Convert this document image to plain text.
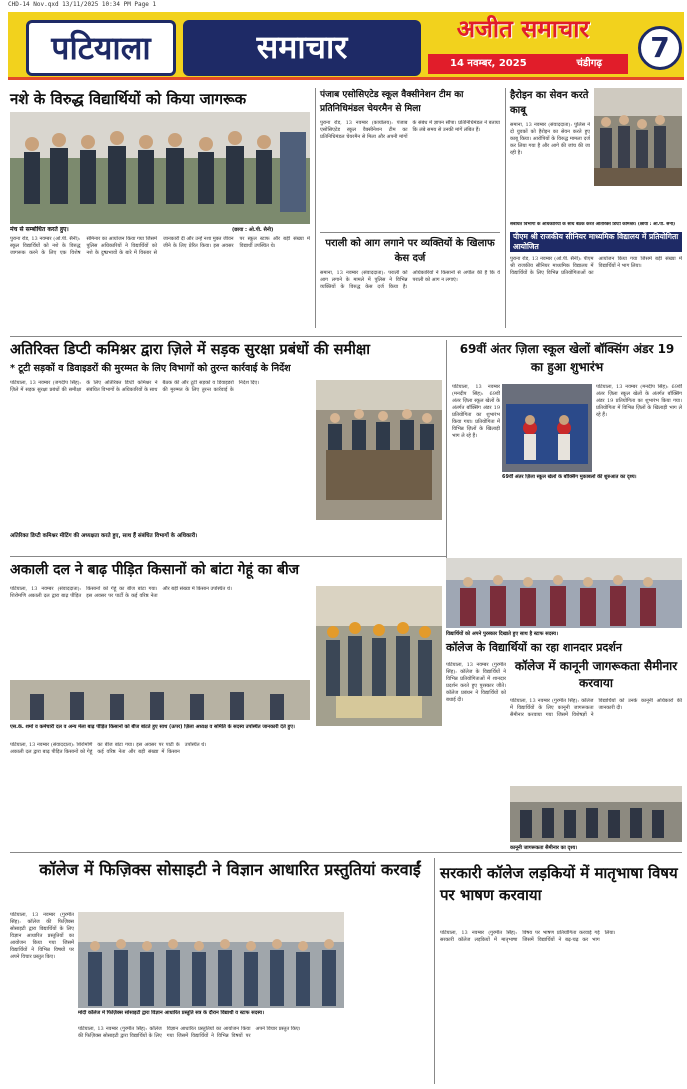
CHD-14 Nov.qxd 13/11/2025 10:34 PM Page 1
पटियाला	समाचार	अजीत समाचार
14 नवम्बर, 2025	चंडीगढ़	7
नशे के विरुद्ध विद्यार्थियों को किया जागरूक
मंच से सम्बोधित करते हुए।	(छाया : ओ.पी. सैनी)
पुराना रोड, 13 नवम्बर (ओ.पी. सैनी): स्कूल विद्यार्थियों को नशे के विरुद्ध जागरूक करने के लिए एक विशेष सेमिनार का आयोजन किया गया जिसमें पुलिस अधिकारियों ने विद्यार्थियों को नशे के दुष्प्रभावों के बारे में विस्तार से जानकारी दी और उन्हें नशा मुक्त जीवन जीने के लिए प्रेरित किया। इस अवसर पर स्कूल स्टाफ और बड़ी संख्या में विद्यार्थी उपस्थित थे।
पंजाब एसोसिएटेड स्कूल वैक्सीनेशन टीम का प्रतिनिधिमंडल चेयरमैन से मिला
पुराना रोड, 13 नवम्बर (कार्यालय): पंजाब एसोसिएटेड स्कूल वैक्सीनेशन टीम का प्रतिनिधिमंडल चेयरमैन से मिला और अपनी मांगों के संबंध में ज्ञापन सौंपा। प्रतिनिधिमंडल ने बताया कि लंबे समय से उनकी मांगें लंबित हैं।
पराली को आग लगाने पर व्यक्तियों के खिलाफ केस दर्ज
समाना, 13 नवम्बर (संवाददाता): पराली को आग लगाने के मामले में पुलिस ने विभिन्न व्यक्तियों के विरुद्ध केस दर्ज किया है। अधिकारियों ने किसानों से अपील की है कि वे पराली को आग न लगाएं।
हैरोइन का सेवन करते काबू
समाना, 13 नवम्बर (संवाददाता): पुलिस ने दो युवकों को हैरोइन का सेवन करते हुए काबू किया। आरोपियों के विरुद्ध मामला दर्ज कर लिया गया है और आगे की जांच की जा रही है।
संबंधित विभागों के अधिकारियों के साथ बैठक करते अतिरिक्त डिप्टी कमिश्नर। (छाया : ओ.पी. सैनी)
पीएम श्री राजकीय सीनियर माध्यमिक विद्यालय में प्रतियोगिता आयोजित
पुराना रोड, 13 नवम्बर (ओ.पी. सैनी): पीएम श्री राजकीय सीनियर माध्यमिक विद्यालय में विद्यार्थियों के लिए विभिन्न प्रतियोगिताओं का आयोजन किया गया जिसमें बड़ी संख्या में विद्यार्थियों ने भाग लिया।
अतिरिक्त डिप्टी कमिश्नर द्वारा ज़िले में सड़क सुरक्षा प्रबंधों की समीक्षा
* टूटी सड़कों व डिवाइडरों की मुरम्मत के लिए विभागों को तुरन्त कार्रवाई के निर्देश
पटियाला, 13 नवम्बर (जगदीप सिंह): ज़िले में सड़क सुरक्षा प्रबंधों की समीक्षा के लिए अतिरिक्त डिप्टी कमिश्नर ने संबंधित विभागों के अधिकारियों के साथ बैठक की और टूटी सड़कों व डिवाइडरों की मुरम्मत के लिए तुरन्त कार्रवाई के निर्देश दिए।
अतिरिक्त डिप्टी कमिश्नर मीटिंग की अध्यक्षता करते हुए, साथ हैं संबंधित विभागों के अधिकारी।
69वीं अंतर ज़िला स्कूल खेलों बॉक्सिंग अंडर 19 का हुआ शुभारंभ
पटियाला, 13 नवम्बर (मनदीप सिंह): 69वीं अंतर ज़िला स्कूल खेलों के अंतर्गत बॉक्सिंग अंडर 19 प्रतियोगिता का शुभारंभ किया गया। प्रतियोगिता में विभिन्न ज़िलों के खिलाड़ी भाग ले रहे हैं।
69वीं अंतर ज़िला स्कूल खेलों के बॉक्सिंग मुकाबलों की शुरुआत का दृश्य।
पटियाला, 13 नवम्बर (मनदीप सिंह): 69वीं अंतर ज़िला स्कूल खेलों के अंतर्गत बॉक्सिंग अंडर 19 प्रतियोगिता का शुभारंभ किया गया। प्रतियोगिता में विभिन्न ज़िलों के खिलाड़ी भाग ले रहे हैं।
अकाली दल ने बाढ़ पीड़ित किसानों को बांटा गेहूं का बीज
पटियाला, 13 नवम्बर (संवाददाता): शिरोमणि अकाली दल द्वारा बाढ़ पीड़ित किसानों को गेहूं का बीज बांटा गया। इस अवसर पर पार्टी के कई वरिष्ठ नेता और बड़ी संख्या में किसान उपस्थित थे।
एस.के. शर्मा व कर्मचारी दल व अन्य मेला बाढ़ पीड़ित किसानों को बीज बांटते हुए साथ (ऊपर) ज़िला अध्यक्ष व समिति के सदस्य उपस्थित जानकारी देते हुए।
पटियाला, 13 नवम्बर (संवाददाता): शिरोमणि अकाली दल द्वारा बाढ़ पीड़ित किसानों को गेहूं का बीज बांटा गया। इस अवसर पर पार्टी के कई वरिष्ठ नेता और बड़ी संख्या में किसान उपस्थित थे।
विद्यार्थियों को अपने पुरस्कार दिखाते हुए साथ है स्टाफ सदस्य।
कॉलेज के विद्यार्थियों का रहा शानदार प्रदर्शन
कॉलेज में कानूनी जागरूकता सैमीनार करवाया
पटियाला, 13 नवम्बर (गुरमीत सिंह): कॉलेज के विद्यार्थियों ने विभिन्न प्रतियोगिताओं में शानदार प्रदर्शन करते हुए पुरस्कार जीते। कॉलेज प्रबंधन ने विद्यार्थियों को बधाई दी।	पटियाला, 13 नवम्बर (गुरमीत सिंह): कॉलेज में विद्यार्थियों के लिए कानूनी जागरूकता सैमीनार करवाया गया जिसमें विशेषज्ञों ने विद्यार्थियों को उनके कानूनी अधिकारों की जानकारी दी।
कानूनी जागरूकता सैमीनार का दृश्य।
कॉलेज में फिज़िक्स सोसाइटी ने विज्ञान आधारित प्रस्तुतियां करवाईं
पटियाला, 13 नवम्बर (गुरमीत सिंह): कॉलेज की फिज़िक्स सोसाइटी द्वारा विद्यार्थियों के लिए विज्ञान आधारित प्रस्तुतियों का आयोजन किया गया जिसमें विद्यार्थियों ने विभिन्न विषयों पर अपने विचार प्रस्तुत किए।
मोदी कॉलेज में फिज़िक्स सोसाइटी द्वारा विज्ञान आधारित प्रस्तुति सत्र के दौरान विद्यार्थी व स्टाफ सदस्य।
पटियाला, 13 नवम्बर (गुरमीत सिंह): कॉलेज की फिज़िक्स सोसाइटी द्वारा विद्यार्थियों के लिए विज्ञान आधारित प्रस्तुतियों का आयोजन किया गया जिसमें विद्यार्थियों ने विभिन्न विषयों पर अपने विचार प्रस्तुत किए।
सरकारी कॉलेज लड़कियों में मातृभाषा विषय पर भाषण करवाया
पटियाला, 13 नवम्बर (गुरमीत सिंह): सरकारी कॉलेज लड़कियों में मातृभाषा विषय पर भाषण प्रतियोगिता करवाई गई जिसमें विद्यार्थियों ने बढ़-चढ़ कर भाग लिया।
